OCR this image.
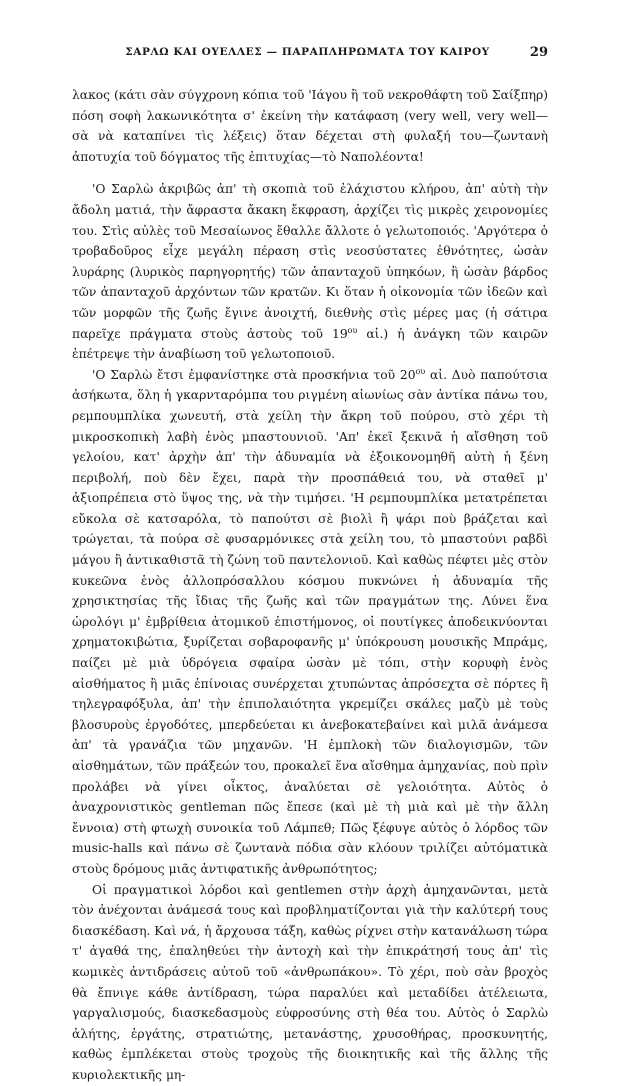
ΣΑΡΛΩ ΚΑΙ ΟΥΕΛΛΕΣ — ΠΑΡΑΠΛΗΡΩΜΑΤΑ ΤΟΥ ΚΑΙΡΟΥ	29

λακος (κάτι σὰν σύγχρονη κόπια τοῦ 'Ιάγου ἢ τοῦ νεκροθάφτη τοῦ Σαίξπηρ) πόση σοφὴ λακωνικότητα σ' ἐκείνη τὴν κατάφαση (very well, very well— σὰ νὰ καταπίνει τὶς λέξεις) ὅταν δέχεται στὴ φυλαξή του—ζωντανὴ ἀποτυχία τοῦ δόγματος τῆς ἐπιτυχίας—τὸ Ναπολέοντα!

'Ο Σαρλὼ ἀκριβῶς ἀπ' τὴ σκοπιὰ τοῦ ἐλάχιστου κλήρου, ἀπ' αὐτὴ τὴν ἄδολη ματιά, τὴν ἄφραστα ἄκακη ἔκφραση, ἀρχίζει τὶς μικρὲς χειρονομίες του. Στὶς αὐλὲς τοῦ Μεσαίωνος ἔθαλλε ἄλλοτε ὁ γελωτοποιός. 'Αργότερα ὁ τροβαδοῦρος εἶχε μεγάλη πέραση στὶς νεοσύστατες ἐθνότητες, ὡσὰν λυράρης (λυρικὸς παρηγορητής) τῶν ἁπανταχοῦ ὑπηκόων, ἢ ὡσὰν βάρδος τῶν ἁπανταχοῦ ἀρχόντων τῶν κρατῶν. Κι ὅταν ἡ οἰκονομία τῶν ἰδεῶν καὶ τῶν μορφῶν τῆς ζωῆς ἔγινε ἀνοιχτή, διεθνὴς στὶς μέρες μας (ἡ σάτιρα παρεῖχε πράγματα στοὺς ἀστοὺς τοῦ $19^{o\upsilon}$ αἰ.) ἡ ἀνάγκη τῶν καιρῶν ἐπέτρεψε τὴν ἀναβίωση τοῦ γελωτοποιοῦ.

'Ο Σαρλὼ ἔτσι ἐμφανίστηκε στὰ προσκήνια τοῦ $20^{o\upsilon}$ αἰ. Δυὸ παπούτσια ἀσήκωτα, ὅλη ἡ γκαρνταρόμπα του ριγμένη αἰωνίως σὰν ἀντίκα πάνω του, ρεμπουμπλίκα χωνευτή, στὰ χείλη τὴν ἄκρη τοῦ πούρου, στὸ χέρι τὴ μικροσκοπικὴ λαβὴ ἑνὸς μπαστουνιοῦ. 'Απ' ἐκεῖ ξεκινᾶ ἡ αἴσθηση τοῦ γελοίου, κατ' ἀρχὴν ἀπ' τὴν ἀδυναμία νὰ ἐξοικονομηθῆ αὐτὴ ἡ ξένη περιβολή, ποὺ δὲν ἔχει, παρὰ τὴν προσπάθειά του, νὰ σταθεῖ μ' ἀξιοπρέπεια στὸ ὕψος της, νὰ τὴν τιμήσει. 'Η ρεμπουμπλίκα μετατρέπεται εὔκολα σὲ κατσαρόλα, τὸ παπούτσι σὲ βιολὶ ἢ ψάρι ποὺ βράζεται καὶ τρώγεται, τὰ πούρα σὲ φυσαρμόνικες στὰ χείλη του, τὸ μπαστούνι ραβδὶ μάγου ἢ ἀντικαθιστᾶ τὴ ζώνη τοῦ παντελονιοῦ. Καὶ καθὼς πέφτει μὲς στὸν κυκεῶνα ἑνὸς ἀλλοπρόσαλλου κόσμου πυκνώνει ἡ ἀδυναμία τῆς χρησικτησίας τῆς ἴδιας τῆς ζωῆς καὶ τῶν πραγμάτων της. Λύνει ἕνα ὡρολόγι μ' ἐμβρίθεια ἀτομικοῦ ἐπιστήμονος, οἱ πουτίγκες ἀποδεικνύονται χρηματοκιβώτια, ξυρίζεται σοβαροφανῆς μ' ὑπόκρουση μουσικῆς Μπράμς, παίζει μὲ μιὰ ὑδρόγεια σφαίρα ὡσὰν μὲ τόπι, στὴν κορυφὴ ἑνὸς αἰσθήματος ἢ μιᾶς ἐπίνοιας συνέρχεται χτυπώντας ἀπρόσεχτα σὲ πόρτες ἢ τηλεγραφόξυλα, ἀπ' τὴν ἐπιπολαιότητα γκρεμίζει σκάλες μαζὺ μὲ τοὺς βλοσυροὺς ἐργοδότες, μπερδεύεται κι ἀνεβοκατεβαίνει καὶ μιλᾶ ἀνάμεσα ἀπ' τὰ γρανάζια τῶν μηχανῶν. 'Η ἐμπλοκὴ τῶν διαλογισμῶν, τῶν αἰσθημάτων, τῶν πράξεών του, προκαλεῖ ἕνα αἴσθημα ἀμηχανίας, ποὺ πρὶν προλάβει νὰ γίνει οἶκτος, ἀναλύεται σὲ γελοιότητα. Αὐτὸς ὁ ἀναχρονιστικὸς gentleman πῶς ἔπεσε (καὶ μὲ τὴ μιὰ καὶ μὲ τὴν ἄλλη ἔννοια) στὴ φτωχὴ συνοικία τοῦ Λάμπεθ; Πῶς ξέφυγε αὐτὸς ὁ λόρδος τῶν music-halls καὶ πάνω σὲ ζωντανὰ πόδια σὰν κλόουν τριλίζει αὐτόματικὰ στοὺς δρόμους μιᾶς ἀντιφατικῆς ἀνθρωπότητος;

Οἱ πραγματικοὶ λόρδοι καὶ gentlemen στὴν ἀρχὴ ἀμηχανῶνται, μετὰ τὸν ἀνέχονται ἀνάμεσά τους καὶ προβληματίζονται γιὰ τὴν καλύτερή τους διασκέδαση. Καὶ νά, ἡ ἄρχουσα τάξη, καθὼς ρίχνει στὴν κατανάλωση τώρα τ' ἀγαθά της, ἐπαληθεύει τὴν ἀντοχὴ καὶ τὴν ἐπικράτησή τους ἀπ' τὶς κωμικὲς ἀντιδράσεις αὐτοῦ τοῦ «ἀνθρωπάκου». Τὸ χέρι, ποὺ σὰν βροχὸς θὰ ἔπνιγε κάθε ἀντίδραση, τώρα παραλύει καὶ μεταδίδει ἀτέλειωτα, γαργαλισμούς, διασκεδασμοὺς εὐφροσύνης στὴ θέα του. Αὐτὸς ὁ Σαρλὼ ἀλήτης, ἐργάτης, στρατιώτης, μετανάστης, χρυσοθήρας, προσκυνητής, καθὼς ἐμπλέκεται στοὺς τροχοὺς τῆς διοικητικῆς καὶ τῆς ἄλλης τῆς κυριολεκτικῆς μη-
